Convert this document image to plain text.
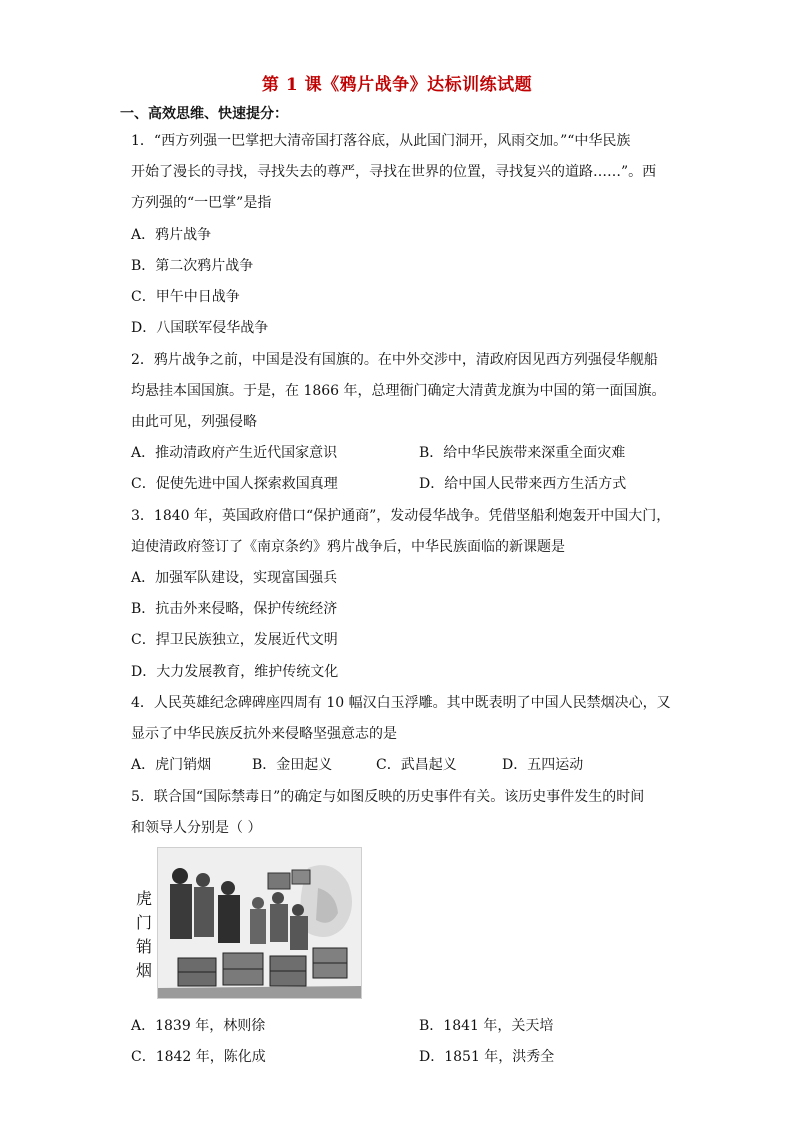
第 1 课《鸦片战争》达标训练试题
一、高效思维、快速提分：
1．“西方列强一巴掌把大清帝国打落谷底，从此国门洞开，风雨交加。”“中华民族
开始了漫长的寻找，寻找失去的尊严，寻找在世界的位置，寻找复兴的道路……”。西
方列强的“一巴掌”是指
A．鸦片战争
B．第二次鸦片战争
C．甲午中日战争
D．八国联军侵华战争
2．鸦片战争之前，中国是没有国旗的。在中外交涉中，清政府因见西方列强侵华舰船
均悬挂本国国旗。于是，在 1866 年，总理衙门确定大清黄龙旗为中国的第一面国旗。
由此可见，列强侵略
A．推动清政府产生近代国家意识	B．给中华民族带来深重全面灾难
C．促使先进中国人探索救国真理	D．给中国人民带来西方生活方式
3．1840 年，英国政府借口“保护通商”，发动侵华战争。凭借坚船利炮轰开中国大门，
迫使清政府签订了《南京条约》鸦片战争后，中华民族面临的新课题是
A．加强军队建设，实现富国强兵
B．抗击外来侵略，保护传统经济
C．捍卫民族独立，发展近代文明
D．大力发展教育，维护传统文化
4．人民英雄纪念碑碑座四周有 10 幅汉白玉浮雕。其中既表明了中国人民禁烟决心，又
显示了中华民族反抗外来侵略坚强意志的是
A．虎门销烟	B．金田起义	C．武昌起义	D．五四运动
5．联合国“国际禁毒日”的确定与如图反映的历史事件有关。该历史事件发生的时间
和领导人分别是（ ）
虎
门
销
烟
A．1839 年，林则徐	B．1841 年，关天培
C．1842 年，陈化成	D．1851 年，洪秀全
